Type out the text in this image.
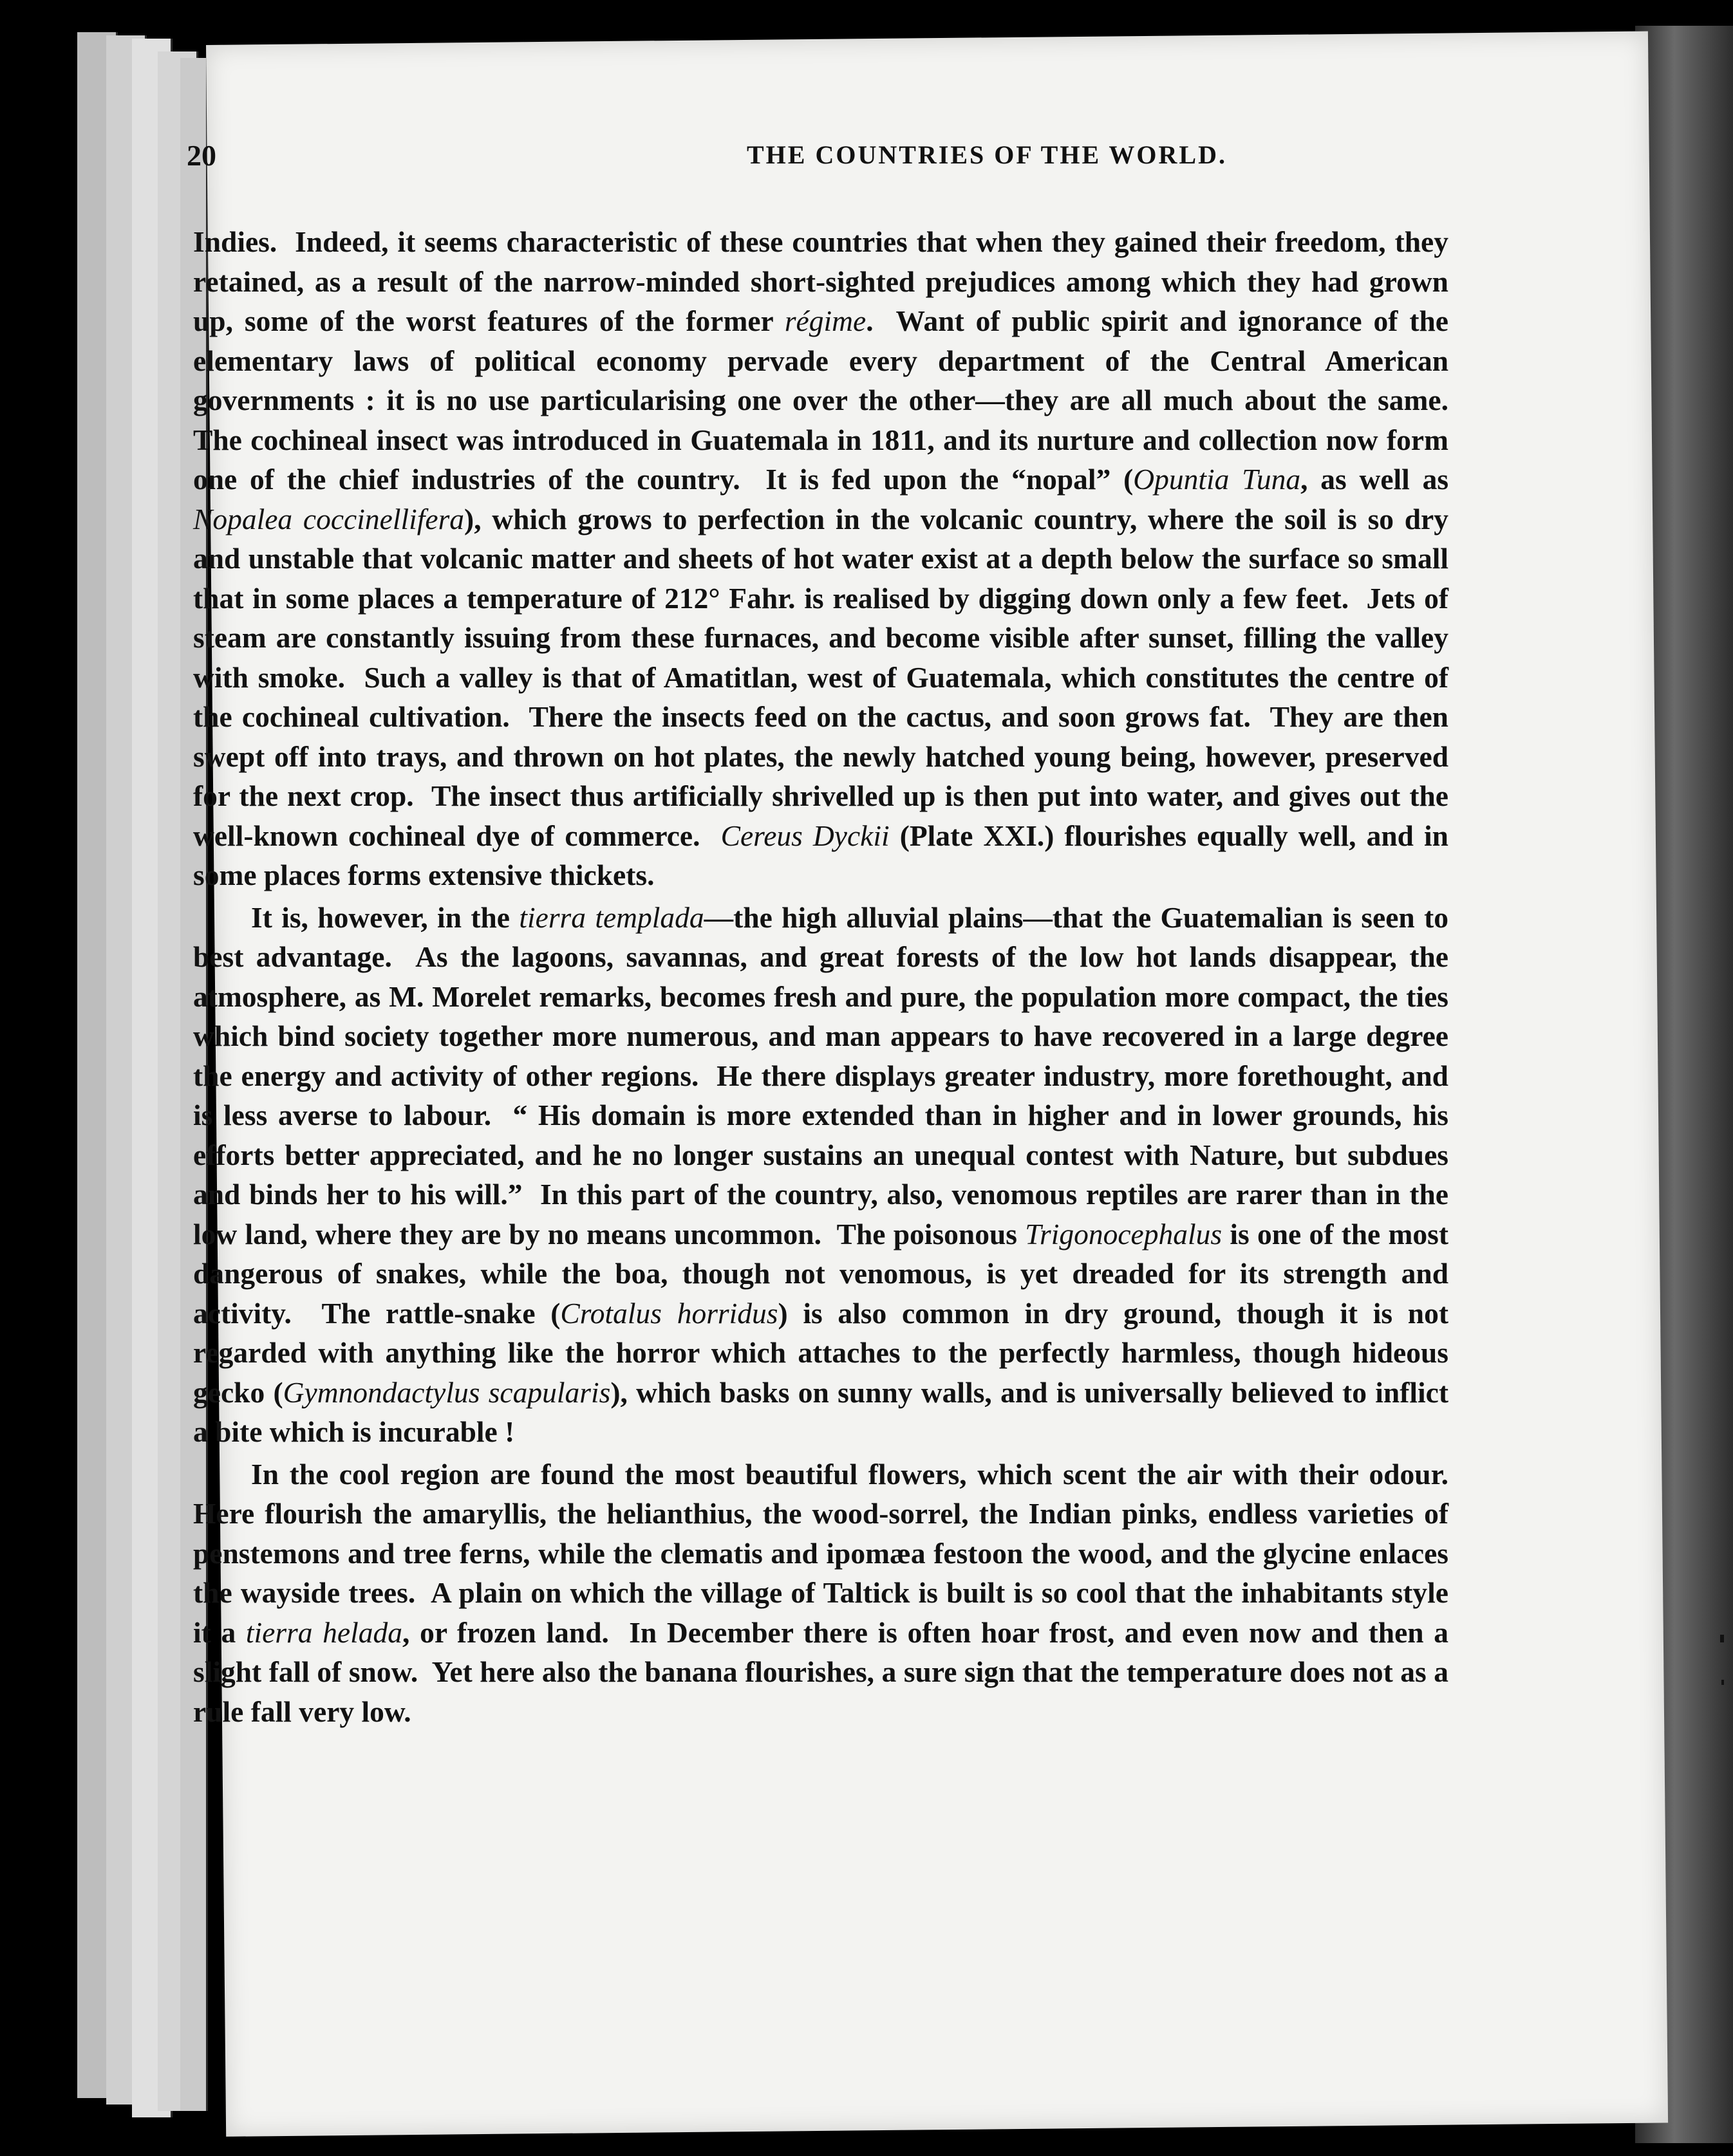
20	THE COUNTRIES OF THE WORLD.

Indies.  Indeed, it seems characteristic of these countries that when they gained their freedom, they retained, as a result of the narrow-minded short-sighted prejudices among which they had grown up, some of the worst features of the former régime.  Want of public spirit and ignorance of the elementary laws of political economy pervade every department of the Central American governments : it is no use particularising one over the other—they are all much about the same.  The cochineal insect was introduced in Guatemala in 1811, and its nurture and collection now form one of the chief industries of the country.  It is fed upon the “nopal” (Opuntia Tuna, as well as Nopalea coccinellifera), which grows to perfection in the volcanic country, where the soil is so dry and unstable that volcanic matter and sheets of hot water exist at a depth below the surface so small that in some places a temperature of 212° Fahr. is realised by digging down only a few feet.  Jets of steam are constantly issuing from these furnaces, and become visible after sunset, filling the valley with smoke.  Such a valley is that of Amatitlan, west of Guatemala, which constitutes the centre of the cochineal cultivation.  There the insects feed on the cactus, and soon grows fat.  They are then swept off into trays, and thrown on hot plates, the newly hatched young being, however, preserved for the next crop.  The insect thus artificially shrivelled up is then put into water, and gives out the well-known cochineal dye of commerce.  Cereus Dyckii (Plate XXI.) flourishes equally well, and in some places forms extensive thickets.

It is, however, in the tierra templada—the high alluvial plains—that the Guatemalian is seen to best advantage.  As the lagoons, savannas, and great forests of the low hot lands disappear, the atmosphere, as M. Morelet remarks, becomes fresh and pure, the population more compact, the ties which bind society together more numerous, and man appears to have recovered in a large degree the energy and activity of other regions.  He there displays greater industry, more forethought, and is less averse to labour.  “ His domain is more extended than in higher and in lower grounds, his efforts better appreciated, and he no longer sustains an unequal contest with Nature, but subdues and binds her to his will.”  In this part of the country, also, venomous reptiles are rarer than in the low land, where they are by no means uncommon.  The poisonous Trigonocephalus is one of the most dangerous of snakes, while the boa, though not venomous, is yet dreaded for its strength and activity.  The rattle-snake (Crotalus horridus) is also common in dry ground, though it is not regarded with anything like the horror which attaches to the perfectly harmless, though hideous gecko (Gymnondactylus scapularis), which basks on sunny walls, and is universally believed to inflict a bite which is incurable !

In the cool region are found the most beautiful flowers, which scent the air with their odour.  Here flourish the amaryllis, the helianthius, the wood-sorrel, the Indian pinks, endless varieties of penstemons and tree ferns, while the clematis and ipomæa festoon the wood, and the glycine enlaces the wayside trees.  A plain on which the village of Taltick is built is so cool that the inhabitants style it a tierra helada, or frozen land.  In December there is often hoar frost, and even now and then a slight fall of snow.  Yet here also the banana flourishes, a sure sign that the temperature does not as a rule fall very low.
